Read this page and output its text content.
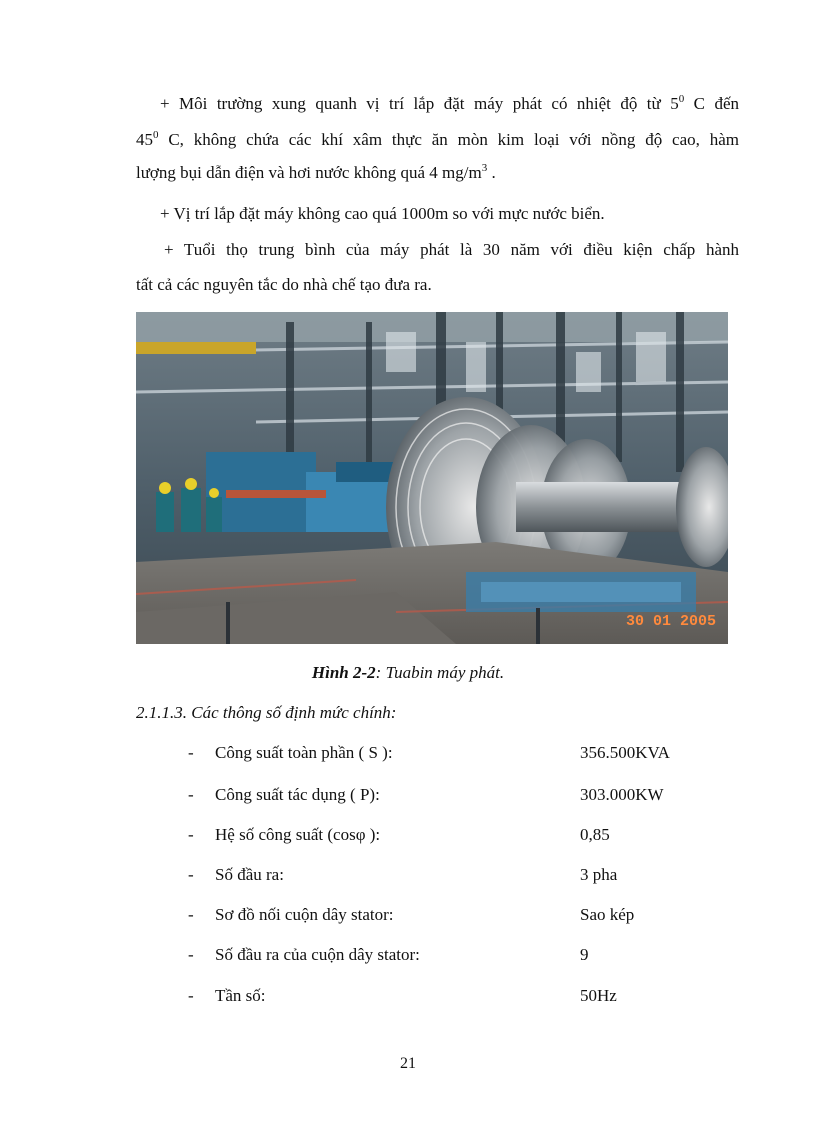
+ Môi trường xung quanh vị trí lắp đặt máy phát có nhiệt độ từ $5^0$ C đến

$45^0$ C, không chứa các khí xâm thực ăn mòn kim loại với nồng độ cao, hàm

lượng bụi dẫn điện và hơi nước không quá 4 $mg/m^3$ .

+ Vị trí lắp đặt máy không cao quá 1000m so với mực nước biển.

+ Tuổi thọ trung bình của máy phát là 30 năm với điều kiện chấp hành

tất cả các nguyên tắc do nhà chế tạo đưa ra.

30 01 2005
Hình 2-2: Tuabin máy phát.
2.1.1.3. Các thông số định mức chính:
- Công suất toàn phần ( S ):	356.500KVA
- Công suất tác dụng ( P):	303.000KW
- Hệ số công suất (cosφ ):	0,85
- Số đầu ra:	3 pha
- Sơ đồ nối cuộn dây stator:	Sao kép
- Số đầu ra của cuộn dây stator:	9
- Tần số:	50Hz
21
